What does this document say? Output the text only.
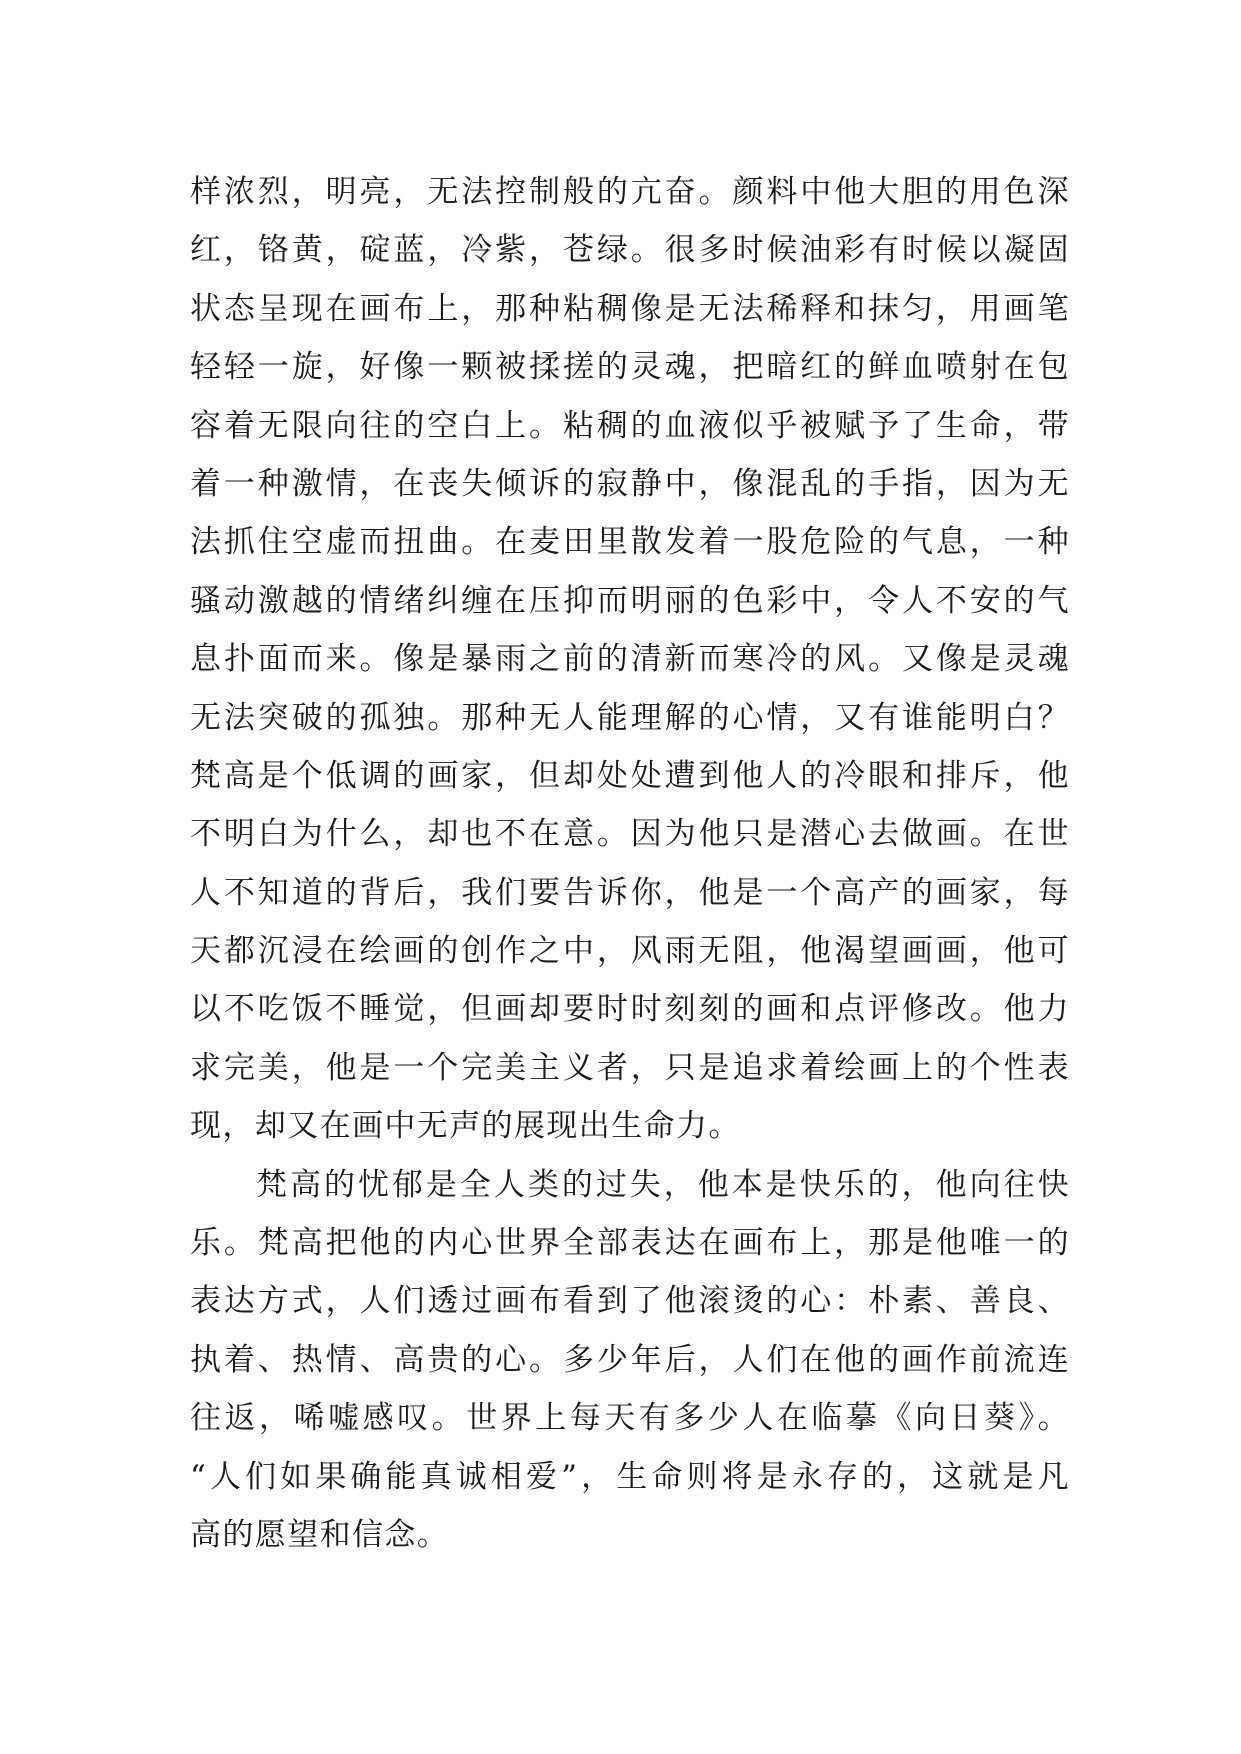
样浓烈，明亮，无法控制般的亢奋。颜料中他大胆的用色深
红，铬黄，碇蓝，冷紫，苍绿。很多时候油彩有时候以凝固
状态呈现在画布上，那种粘稠像是无法稀释和抹匀，用画笔
轻轻一旋，好像一颗被揉搓的灵魂，把暗红的鲜血喷射在包
容着无限向往的空白上。粘稠的血液似乎被赋予了生命，带
着一种激情，在丧失倾诉的寂静中，像混乱的手指，因为无
法抓住空虚而扭曲。在麦田里散发着一股危险的气息，一种
骚动激越的情绪纠缠在压抑而明丽的色彩中，令人不安的气
息扑面而来。像是暴雨之前的清新而寒冷的风。又像是灵魂
无法突破的孤独。那种无人能理解的心情，又有谁能明白？
梵高是个低调的画家，但却处处遭到他人的冷眼和排斥，他
不明白为什么，却也不在意。因为他只是潜心去做画。在世
人不知道的背后，我们要告诉你，他是一个高产的画家，每
天都沉浸在绘画的创作之中，风雨无阻，他渴望画画，他可
以不吃饭不睡觉，但画却要时时刻刻的画和点评修改。他力
求完美，他是一个完美主义者，只是追求着绘画上的个性表
现，却又在画中无声的展现出生命力。
梵高的忧郁是全人类的过失，他本是快乐的，他向往快
乐。梵高把他的内心世界全部表达在画布上，那是他唯一的
表达方式，人们透过画布看到了他滚烫的心：朴素、善良、
执着、热情、高贵的心。多少年后，人们在他的画作前流连
往返，唏嘘感叹。世界上每天有多少人在临摹《向日葵》。
“人们如果确能真诚相爱”，生命则将是永存的，这就是凡
高的愿望和信念。
